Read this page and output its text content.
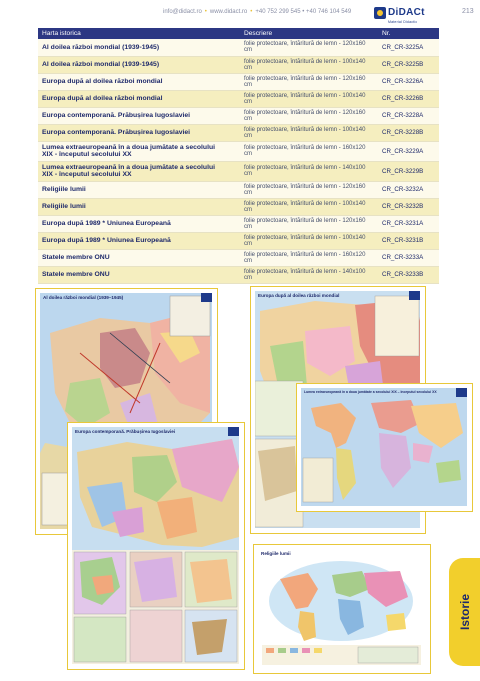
info@didact.ro • www.didact.ro • +40 752 299 545 • +40 746 104 549	DiDACt
Material Didactic
213
Harta istorica	Descriere	Nr.
Al doilea război mondial (1939-1945)	folie protectoare, întăritură de lemn - 120x160 cm	CR_CR-3225A
Al doilea război mondial (1939-1945)	folie protectoare, întăritură de lemn - 100x140 cm	CR_CR-3225B
Europa după al doilea război mondial	folie protectoare, întăritură de lemn - 120x160 cm	CR_CR-3226A
Europa după al doilea război mondial	folie protectoare, întăritură de lemn - 100x140 cm	CR_CR-3226B
Europa contemporană. Prăbușirea Iugoslaviei	folie protectoare, întăritură de lemn - 120x160 cm	CR_CR-3228A
Europa contemporană. Prăbușirea Iugoslaviei	folie protectoare, întăritură de lemn - 100x140 cm	CR_CR-3228B
Lumea extraeuropeană în a doua jumătate a secolului
XIX - începutul secolului XX	folie protectoare, întăritură de lemn - 160x120 cm	CR_CR-3229A
Lumea extraeuropeană în a doua jumătate a secolului
XIX - începutul secolului XX	folie protectoare, întăritură de lemn - 140x100 cm	CR_CR-3229B
Religiile lumii	folie protectoare, întăritură de lemn - 120x160 cm	CR_CR-3232A
Religiile lumii	folie protectoare, întăritură de lemn - 100x140 cm	CR_CR-3232B
Europa după 1989 * Uniunea Europeană	folie protectoare, întăritură de lemn - 120x160 cm	CR_CR-3231A
Europa după 1989 * Uniunea Europeană	folie protectoare, întăritură de lemn - 100x140 cm	CR_CR-3231B
Statele membre ONU	folie protectoare, întăritură de lemn - 160x120 cm	CR_CR-3233A
Statele membre ONU	folie protectoare, întăritură de lemn - 140x100 cm	CR_CR-3233B
Al doilea război mondial (1939–1945)
Europa contemporană. Prăbușirea Iugoslaviei
Europa după al doilea război mondial
Lumea extraeuropeană în a doua jumătate a secolului XIX – începutul secolului XX
Religiile lumii
Istorie
